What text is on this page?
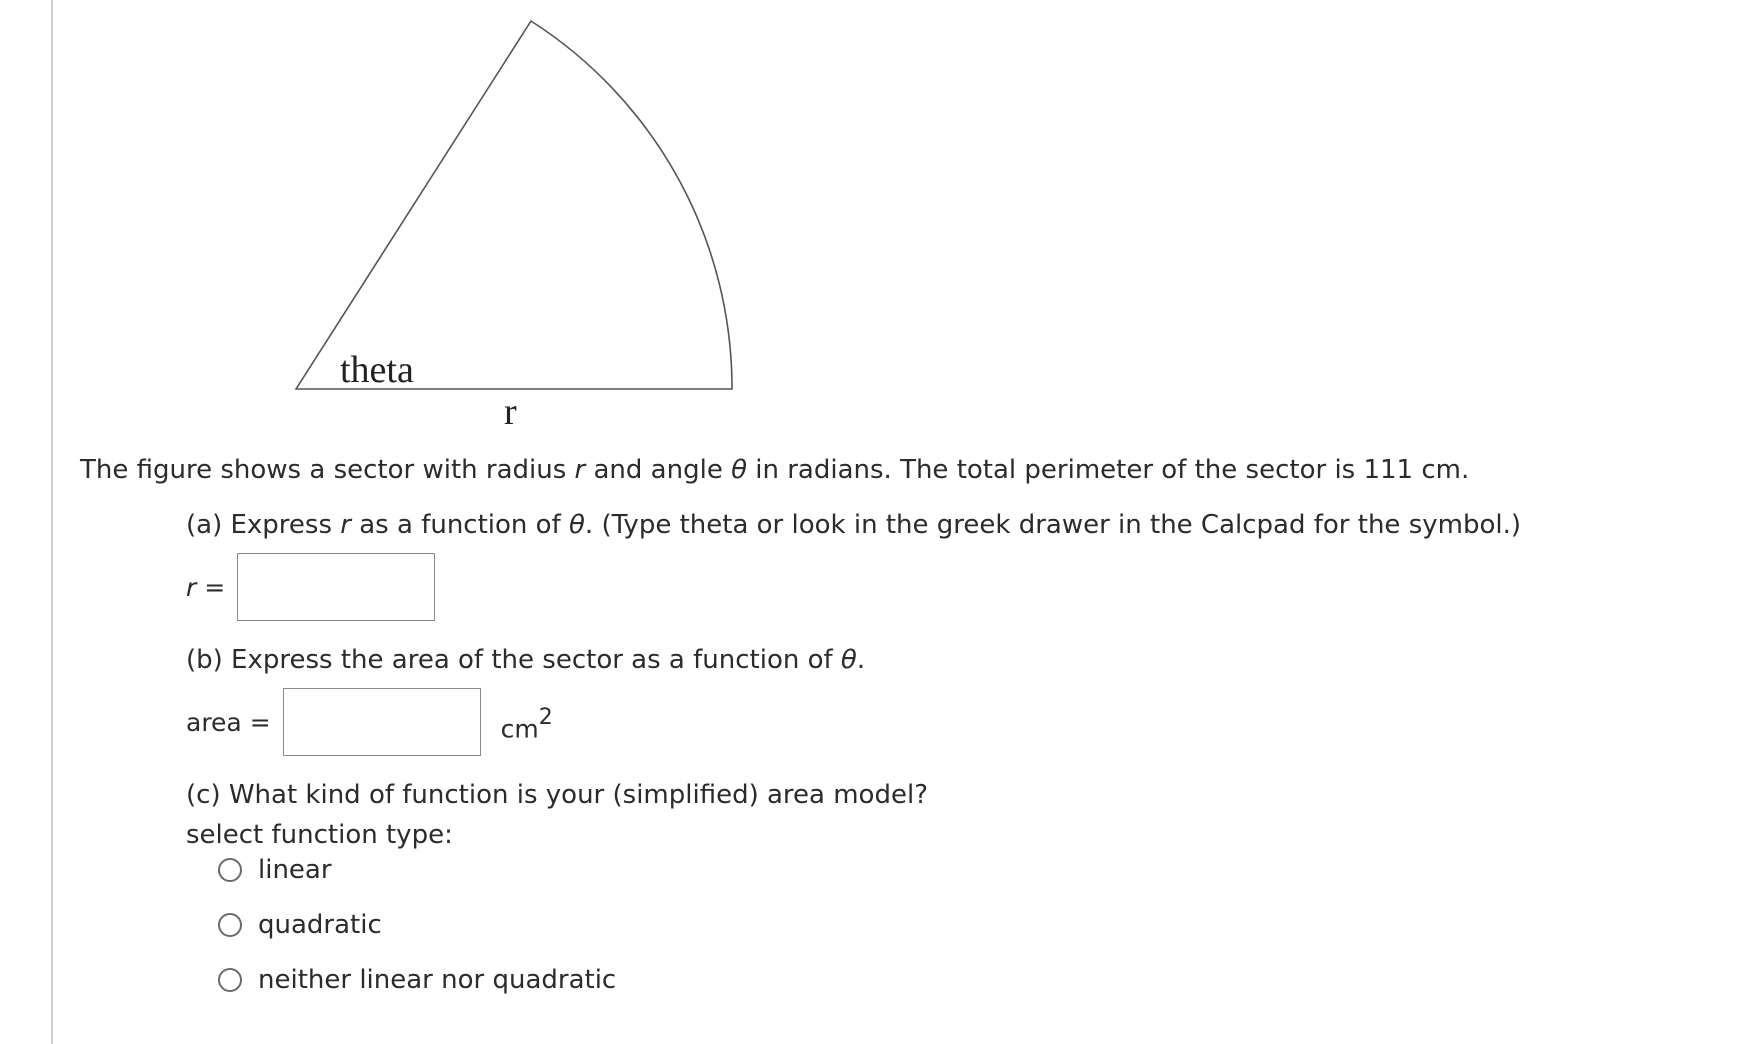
theta
r
The figure shows a sector with radius r and angle θ in radians. The total perimeter of the sector is 111 cm.
(a) Express r as a function of θ. (Type theta or look in the greek drawer in the Calcpad for the symbol.)
r =
(b) Express the area of the sector as a function of θ.
area =	$cm^2$
(c) What kind of function is your (simplified) area model?
select function type:
linear
quadratic
neither linear nor quadratic
